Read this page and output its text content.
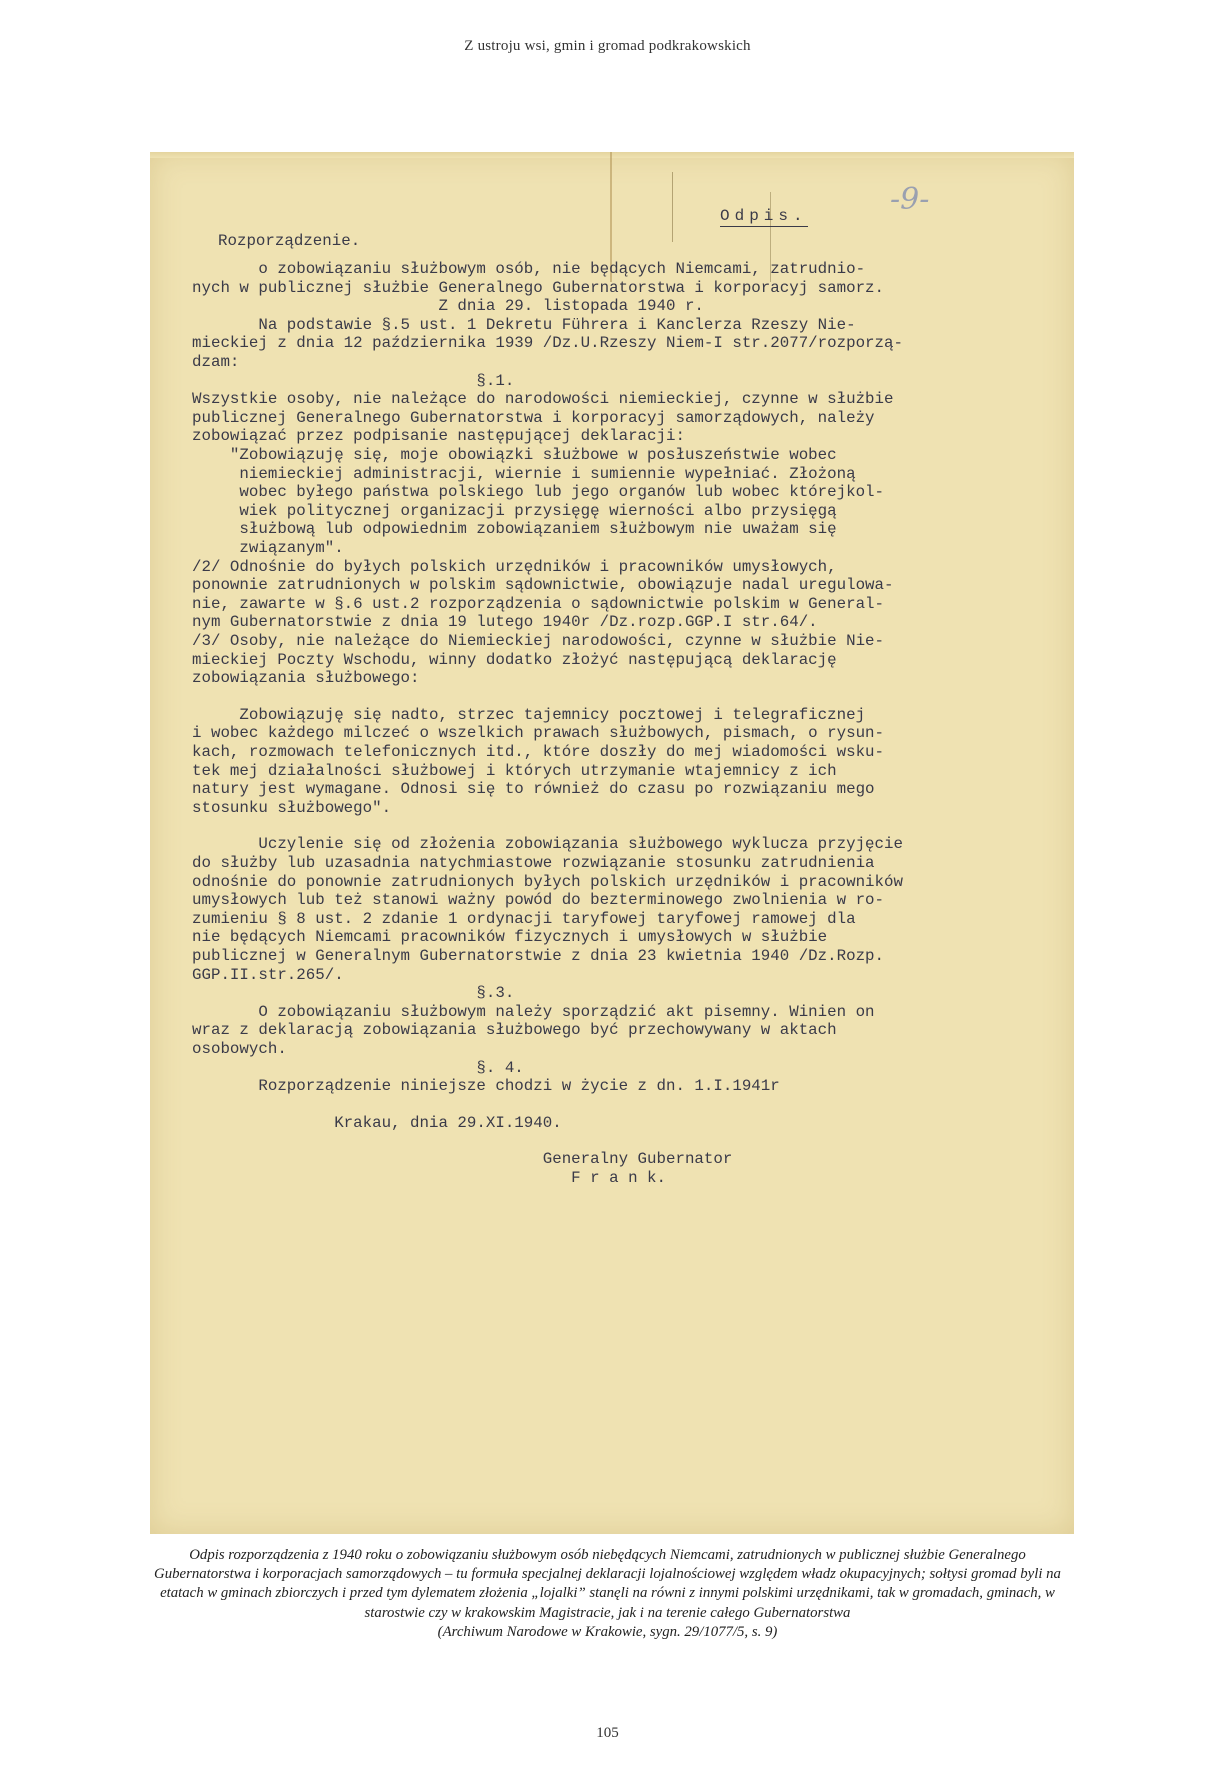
Z ustroju wsi, gmin i gromad podkrakowskich
Odpis.	-9-
Rozporządzenie.
o zobowiązaniu służbowym osób, nie będących Niemcami, zatrudnio-
nych w publicznej służbie Generalnego Gubernatorstwa i korporacyj samorz.
Z dnia 29. listopada 1940 r.
Na podstawie §.5 ust. 1 Dekretu Führera i Kanclerza Rzeszy Nie-
mieckiej z dnia 12 października 1939 /Dz.U.Rzeszy Niem-I str.2077/rozporzą-
dzam:
§.1.
Wszystkie osoby, nie należące do narodowości niemieckiej, czynne w służbie
publicznej Generalnego Gubernatorstwa i korporacyj samorządowych, należy
zobowiązać przez podpisanie następującej deklaracji:
"Zobowiązuję się, moje obowiązki służbowe w posłuszeństwie wobec
niemieckiej administracji, wiernie i sumiennie wypełniać. Złożoną
wobec byłego państwa polskiego lub jego organów lub wobec którejkol-
wiek politycznej organizacji przysięgę wierności albo przysięgą
służbową lub odpowiednim zobowiązaniem służbowym nie uważam się
związanym".
/2/ Odnośnie do byłych polskich urzędników i pracowników umysłowych,
ponownie zatrudnionych w polskim sądownictwie, obowiązuje nadal uregulowa-
nie, zawarte w §.6 ust.2 rozporządzenia o sądownictwie polskim w General-
nym Gubernatorstwie z dnia 19 lutego 1940r /Dz.rozp.GGP.I str.64/.
/3/ Osoby, nie należące do Niemieckiej narodowości, czynne w służbie Nie-
mieckiej Poczty Wschodu, winny dodatko złożyć następującą deklarację
zobowiązania służbowego:
Zobowiązuję się nadto, strzec tajemnicy pocztowej i telegraficznej
i wobec każdego milczeć o wszelkich prawach służbowych, pismach, o rysun-
kach, rozmowach telefonicznych itd., które doszły do mej wiadomości wsku-
tek mej działalności służbowej i których utrzymanie wtajemnicy z ich
natury jest wymagane. Odnosi się to również do czasu po rozwiązaniu mego
stosunku służbowego".
Uczylenie się od złożenia zobowiązania służbowego wyklucza przyjęcie
do służby lub uzasadnia natychmiastowe rozwiązanie stosunku zatrudnienia
odnośnie do ponownie zatrudnionych byłych polskich urzędników i pracowników
umysłowych lub też stanowi ważny powód do bezterminowego zwolnienia w ro-
zumieniu § 8 ust. 2 zdanie 1 ordynacji taryfowej taryfowej ramowej dla
nie będących Niemcami pracowników fizycznych i umysłowych w służbie
publicznej w Generalnym Gubernatorstwie z dnia 23 kwietnia 1940 /Dz.Rozp.
GGP.II.str.265/.
§.3.
O zobowiązaniu służbowym należy sporządzić akt pisemny. Winien on
wraz z deklaracją zobowiązania służbowego być przechowywany w aktach
osobowych.
§. 4.
Rozporządzenie niniejsze chodzi w życie z dn. 1.I.1941r
Krakau, dnia 29.XI.1940.
Generalny Gubernator
F r a n k.
Odpis rozporządzenia z 1940 roku o zobowiązaniu służbowym osób niebędących Niemcami, zatrudnionych w publicznej służbie Generalnego Gubernatorstwa i korporacjach samorządowych – tu formuła specjalnej deklaracji lojalnościowej względem władz okupacyjnych; sołtysi gromad byli na etatach w gminach zbiorczych i przed tym dylematem złożenia „lojalki” stanęli na równi z innymi polskimi urzędnikami, tak w gromadach, gminach, w starostwie czy w krakowskim Magistracie, jak i na terenie całego Gubernatorstwa
(Archiwum Narodowe w Krakowie, sygn. 29/1077/5, s. 9)
105
